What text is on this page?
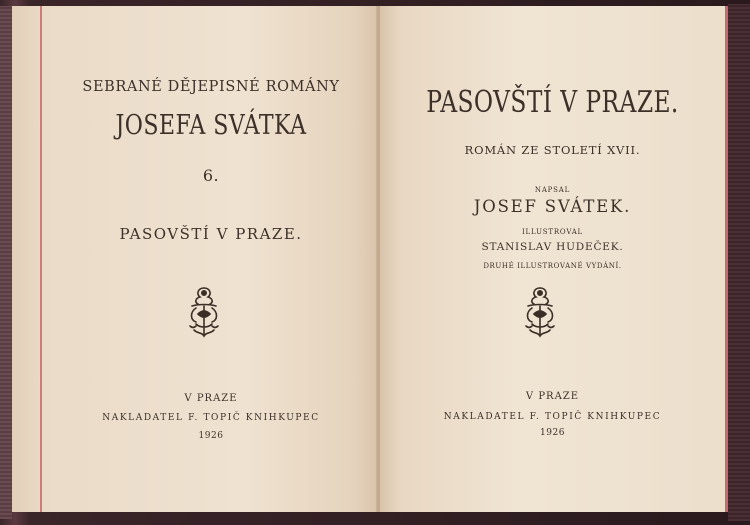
SEBRANÉ DĚJEPISNÉ ROMÁNY
JOSEFA SVÁTKA
6.
PASOVŠTÍ V PRAZE.
V PRAZE
NAKLADATEL F. TOPIČ KNIHKUPEC
1926
PASOVŠTÍ V PRAZE.
ROMÁN ZE STOLETÍ XVII.
NAPSAL
JOSEF SVÁTEK.
ILLUSTROVAL
STANISLAV HUDEČEK.
DRUHÉ ILLUSTROVANÉ VYDÁNÍ.
V PRAZE
NAKLADATEL F. TOPIČ KNIHKUPEC
1926
